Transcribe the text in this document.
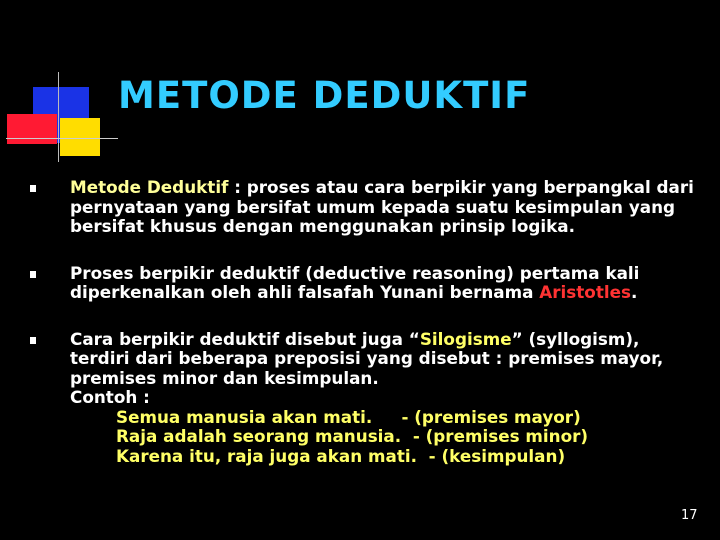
METODE DEDUKTIF

Metode Deduktif : proses atau cara berpikir yang berpangkal dari pernyataan yang bersifat umum kepada suatu kesimpulan yang bersifat khusus dengan menggunakan prinsip logika.

Proses berpikir deduktif (deductive reasoning) pertama kali diperkenalkan oleh ahli falsafah Yunani bernama Aristotles.

Cara berpikir deduktif disebut juga “Silogisme” (syllogism), terdiri dari beberapa preposisi yang disebut : premises mayor, premises minor dan kesimpulan.
Contoh :
Semua manusia akan mati.     - (premises mayor)
Raja adalah seorang manusia.  - (premises minor)
Karena itu, raja juga akan mati.  - (kesimpulan)

17
